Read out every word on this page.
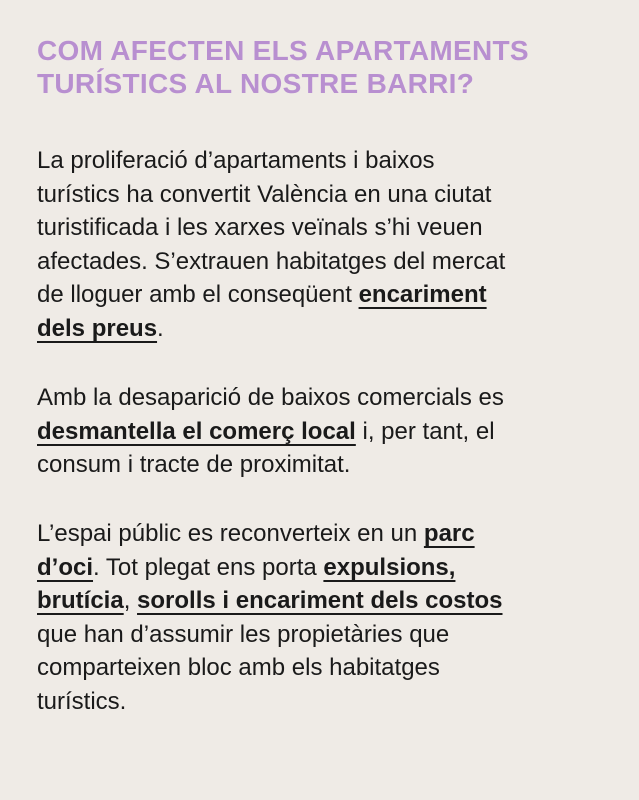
COM AFECTEN ELS APARTAMENTS
TURÍSTICS AL NOSTRE BARRI?

La proliferació d’apartaments i baixos
turístics ha convertit València en una ciutat
turistificada i les xarxes veïnals s’hi veuen
afectades. S’extrauen habitatges del mercat
de lloguer amb el conseqüent encariment
dels preus.

Amb la desaparició de baixos comercials es
desmantella el comerç local i, per tant, el
consum i tracte de proximitat.

L’espai públic es reconverteix en un parc
d’oci. Tot plegat ens porta expulsions,
brutícia, sorolls i encariment dels costos
que han d’assumir les propietàries que
comparteixen bloc amb els habitatges
turístics.
